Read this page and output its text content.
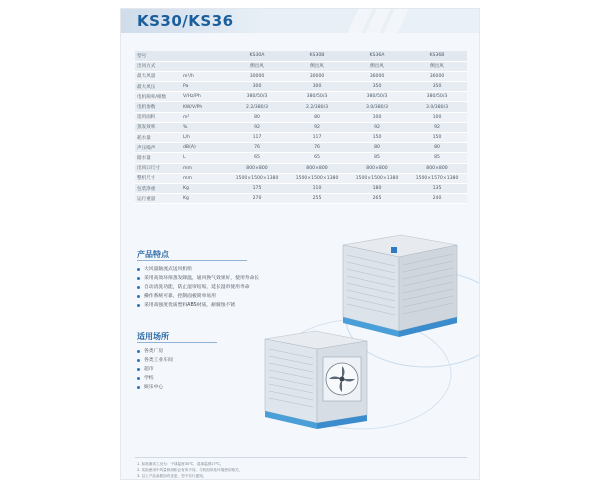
KS30/KS36
型号		KS30A	KS30B	KS36A	KS36B
出风方式		侧出风	侧出风	侧出风	侧出风
最大风量	m³/h	30000	30000	36000	36000
最大风压	Pa	300	300	350	350
电机频率/相数	V/Hz/Ph	380/50/3	380/50/3	380/50/3	380/50/3
电机参数	KW/V/Ph	2.2/380/3	2.2/380/3	3.0/380/3	3.0/380/3
适用面积	m²	80	80	100	100
蒸发效率	%	92	92	92	92
耗水量	L/h	117	117	150	150
声压噪声	dB(A)	76	76	80	80
储水量	L	65	65	85	85
出风口尺寸	mm	800×800	800×800	800×800	800×800
整机尺寸	mm	1500×1500×1380	1500×1500×1380	1500×1500×1380	1500×1570×1380
包装净重	Kg	175	110	180	135
运行重量	Kg	270	255	265	240
产品特点
大风量轴流式送风机组
采用高效环保蒸发降温，通风换气效果好，使用寿命长
自动清洗功能，防止湿帘结垢，延长湿帘使用寿命
操作系统可靠，控制面板简单易用
采用高强度优质塑料ABS材质，耐腐蚀不锈
适用场所
各类厂房
各类工业车间
超市
学校
娱乐中心
1. 标准测试工况为：干球温度35℃，湿球温度27℃。
2. 实际使用中风量和面积会有所不同，与机组所处环境密切相关。
3. 以上产品参数如有变更，恕不另行通知。
